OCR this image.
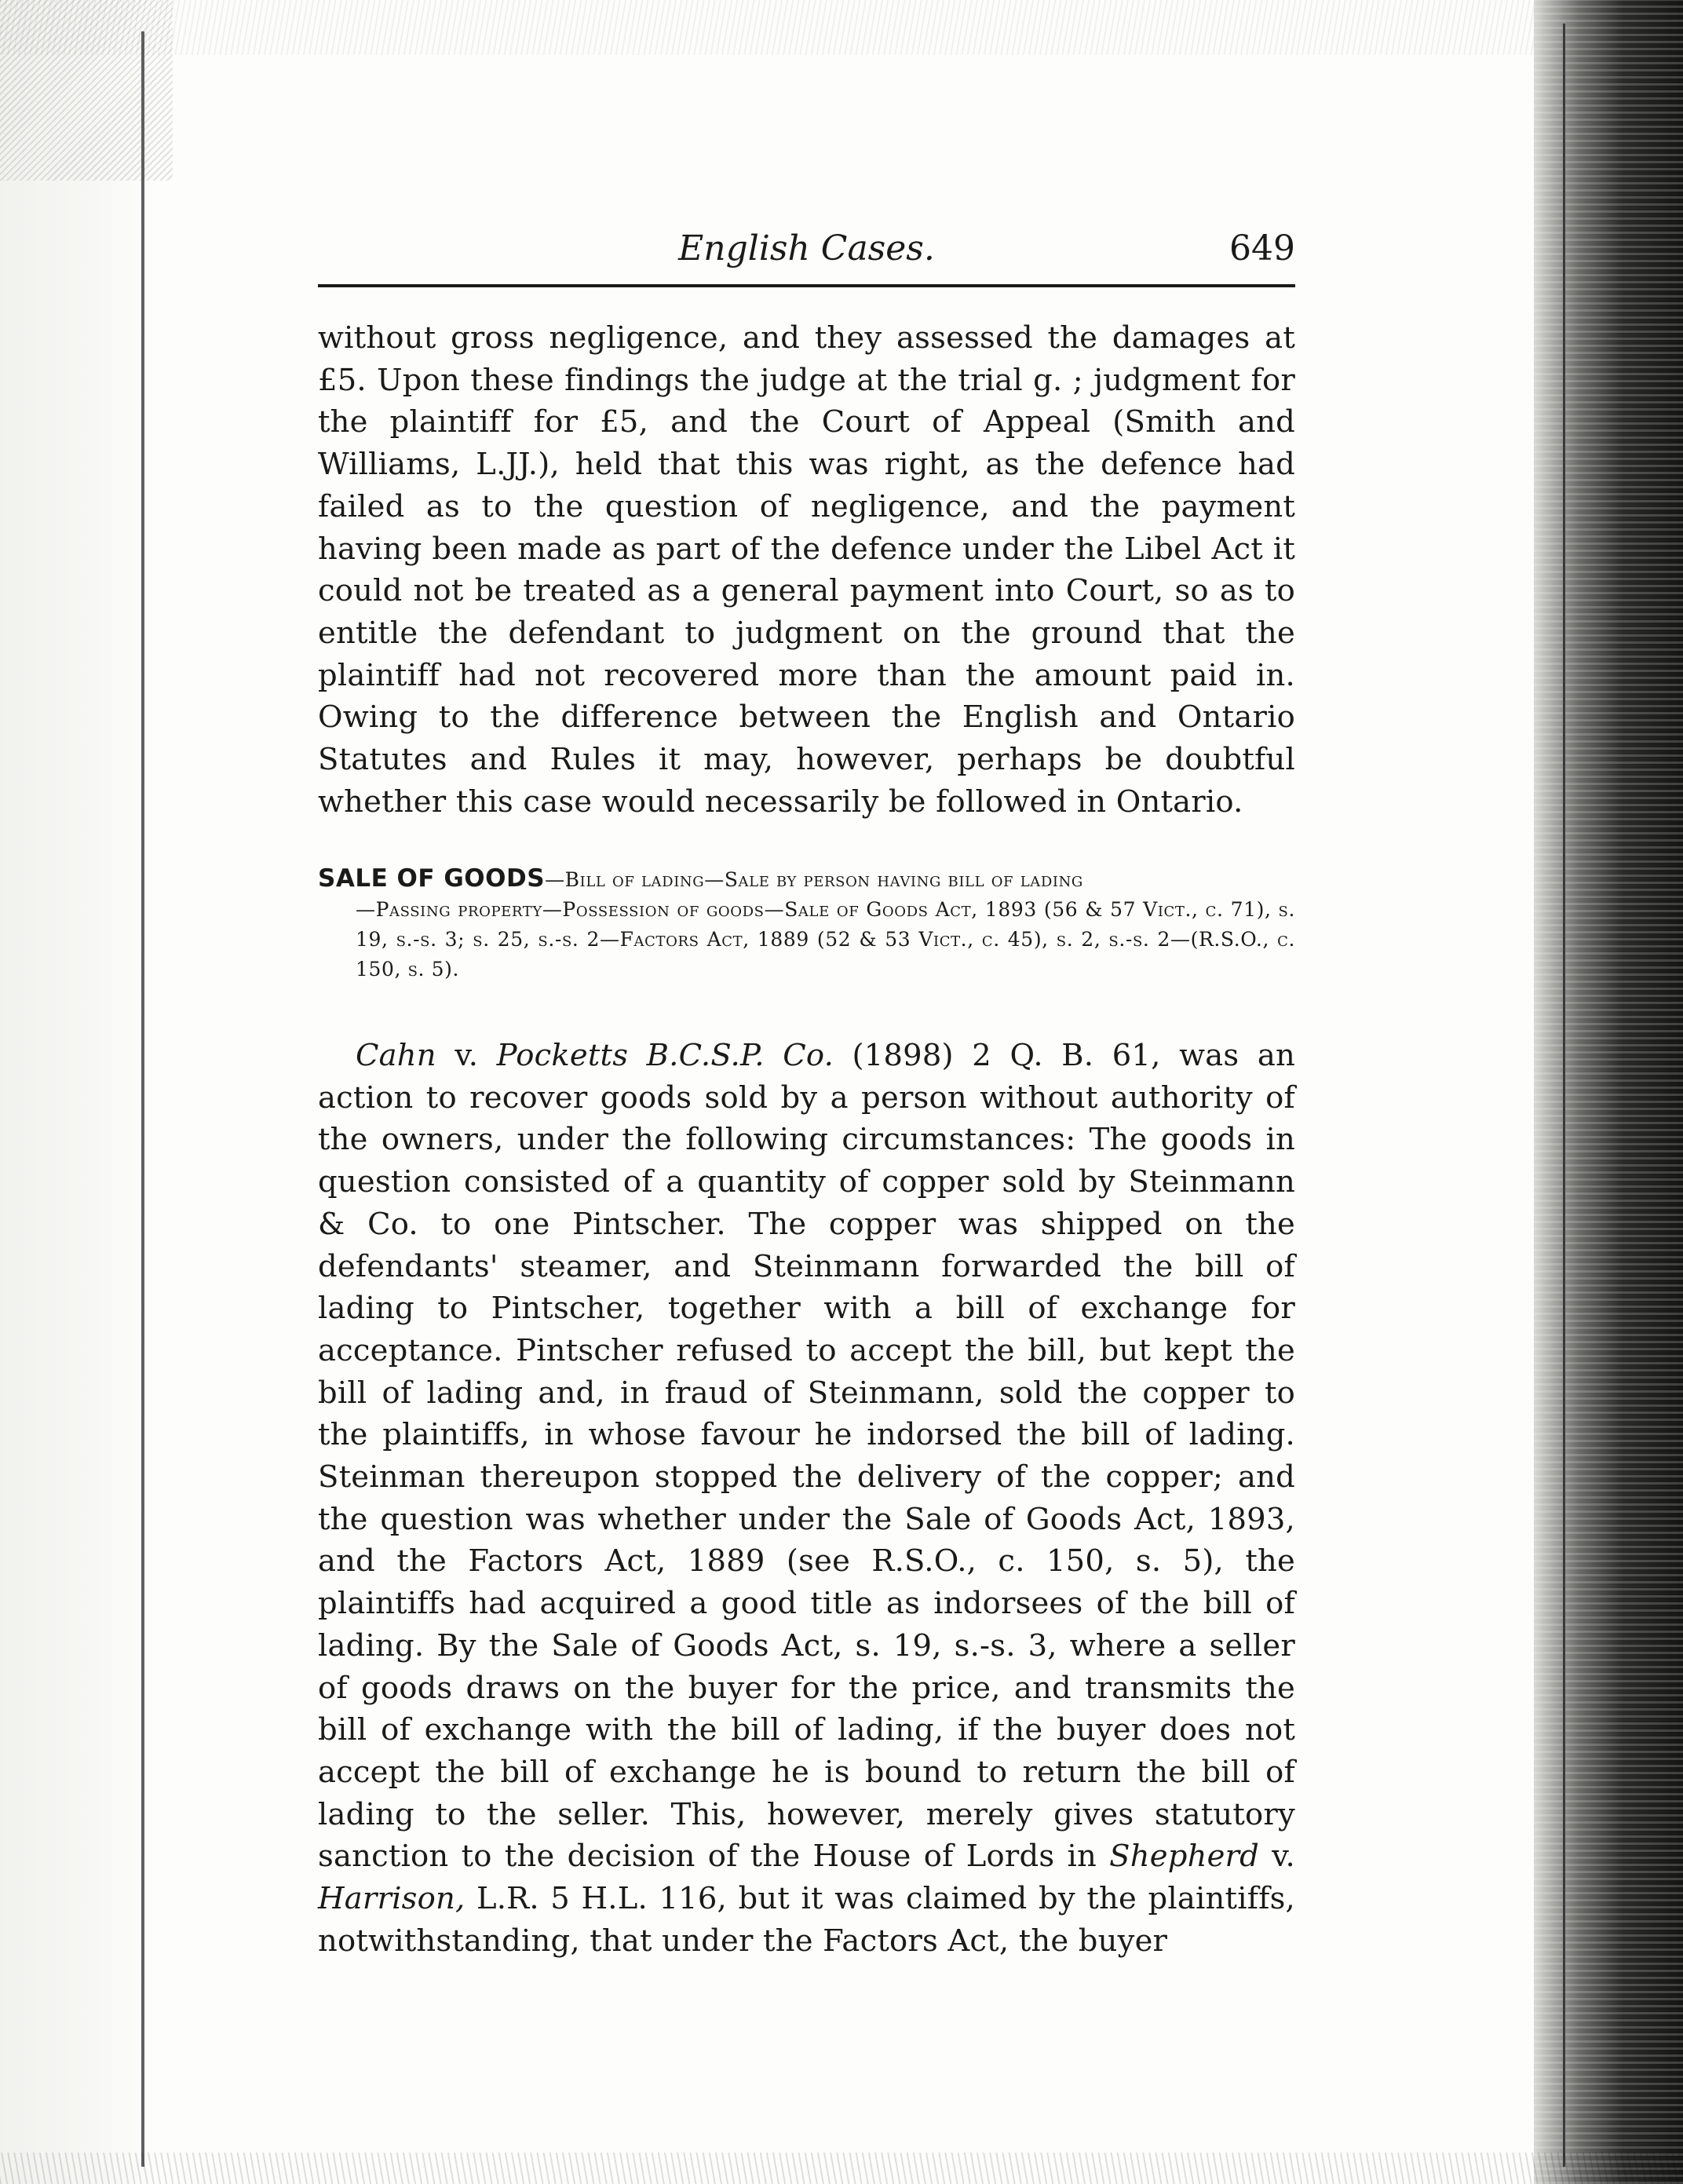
English Cases.	649

without gross negligence, and they assessed the damages at £5. Upon these findings the judge at the trial g. ; judgment for the plaintiff for £5, and the Court of Appeal (Smith and Williams, L.JJ.), held that this was right, as the defence had failed as to the question of negligence, and the payment having been made as part of the defence under the Libel Act it could not be treated as a general payment into Court, so as to entitle the defendant to judgment on the ground that the plaintiff had not recovered more than the amount paid in. Owing to the difference between the English and Ontario Statutes and Rules it may, however, perhaps be doubtful whether this case would necessarily be followed in Ontario.

SALE OF GOODS—Bill of lading—Sale by person having bill of lading
—Passing property—Possession of goods—Sale of Goods Act, 1893 (56 & 57 Vict., c. 71), s. 19, s.-s. 3; s. 25, s.-s. 2—Factors Act, 1889 (52 & 53 Vict., c. 45), s. 2, s.-s. 2—(R.S.O., c. 150, s. 5).

Cahn v. Pocketts B.C.S.P. Co. (1898) 2 Q. B. 61, was an action to recover goods sold by a person without authority of the owners, under the following circumstances: The goods in question consisted of a quantity of copper sold by Steinmann & Co. to one Pintscher. The copper was shipped on the defendants' steamer, and Steinmann forwarded the bill of lading to Pintscher, together with a bill of exchange for acceptance. Pintscher refused to accept the bill, but kept the bill of lading and, in fraud of Steinmann, sold the copper to the plaintiffs, in whose favour he indorsed the bill of lading. Steinman thereupon stopped the delivery of the copper; and the question was whether under the Sale of Goods Act, 1893, and the Factors Act, 1889 (see R.S.O., c. 150, s. 5), the plaintiffs had acquired a good title as indorsees of the bill of lading. By the Sale of Goods Act, s. 19, s.-s. 3, where a seller of goods draws on the buyer for the price, and transmits the bill of exchange with the bill of lading, if the buyer does not accept the bill of exchange he is bound to return the bill of lading to the seller. This, however, merely gives statutory sanction to the decision of the House of Lords in Shepherd v. Harrison, L.R. 5 H.L. 116, but it was claimed by the plaintiffs, notwithstanding, that under the Factors Act, the buyer
